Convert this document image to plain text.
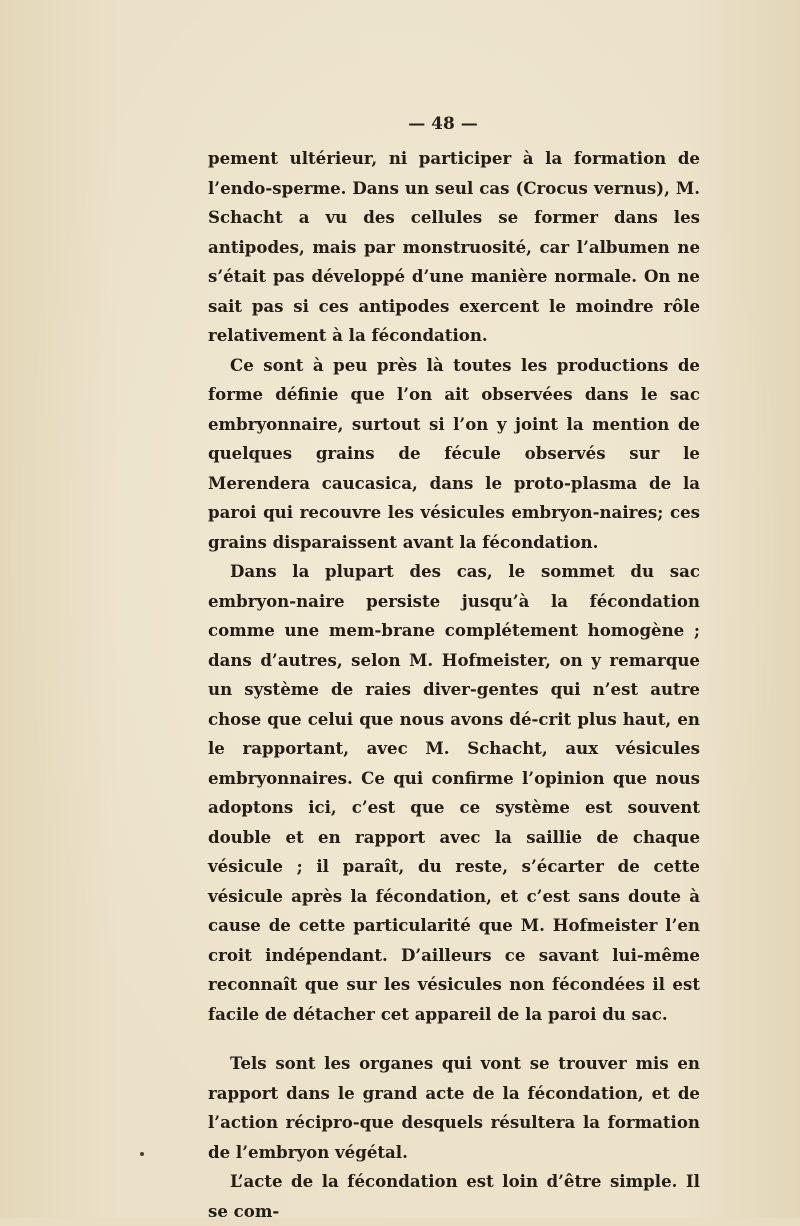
— 48 —

pement ultérieur, ni participer à la formation de l’endo-sperme. Dans un seul cas (Crocus vernus), M. Schacht a vu des cellules se former dans les antipodes, mais par monstruosité, car l’albumen ne s’était pas développé d’une manière normale. On ne sait pas si ces antipodes exercent le moindre rôle relativement à la fécondation.

Ce sont à peu près là toutes les productions de forme définie que l’on ait observées dans le sac embryonnaire, surtout si l’on y joint la mention de quelques grains de fécule observés sur le Merendera caucasica, dans le proto-plasma de la paroi qui recouvre les vésicules embryon-naires; ces grains disparaissent avant la fécondation.

Dans la plupart des cas, le sommet du sac embryon-naire persiste jusqu’à la fécondation comme une mem-brane complétement homogène ; dans d’autres, selon M. Hofmeister, on y remarque un système de raies diver-gentes qui n’est autre chose que celui que nous avons dé-crit plus haut, en le rapportant, avec M. Schacht, aux vésicules embryonnaires. Ce qui confirme l’opinion que nous adoptons ici, c’est que ce système est souvent double et en rapport avec la saillie de chaque vésicule ; il paraît, du reste, s’écarter de cette vésicule après la fécondation, et c’est sans doute à cause de cette particularité que M. Hofmeister l’en croit indépendant. D’ailleurs ce savant lui-même reconnaît que sur les vésicules non fécondées il est facile de détacher cet appareil de la paroi du sac.

Tels sont les organes qui vont se trouver mis en rapport dans le grand acte de la fécondation, et de l’action récipro-que desquels résultera la formation de l’embryon végétal.

L’acte de la fécondation est loin d’être simple. Il se com-
